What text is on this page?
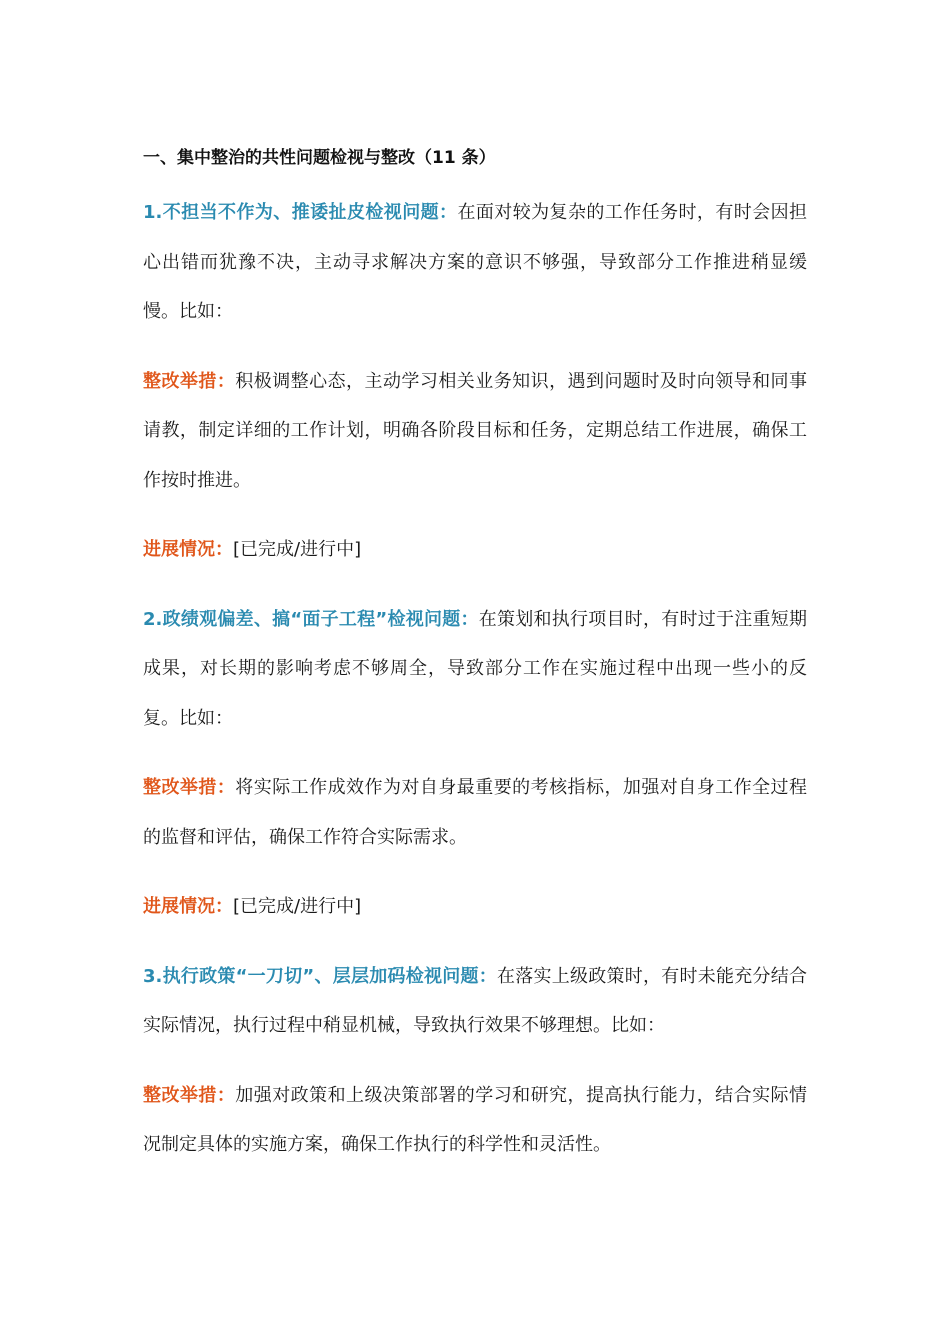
一、集中整治的共性问题检视与整改（11 条）

1.不担当不作为、推诿扯皮检视问题：在面对较为复杂的工作任务时，有时会因担心出错而犹豫不决，主动寻求解决方案的意识不够强，导致部分工作推进稍显缓慢。比如：

整改举措：积极调整心态，主动学习相关业务知识，遇到问题时及时向领导和同事请教，制定详细的工作计划，明确各阶段目标和任务，定期总结工作进展，确保工作按时推进。

进展情况：[已完成/进行中]

2.政绩观偏差、搞“面子工程”检视问题：在策划和执行项目时，有时过于注重短期成果，对长期的影响考虑不够周全，导致部分工作在实施过程中出现一些小的反复。比如：

整改举措：将实际工作成效作为对自身最重要的考核指标，加强对自身工作全过程的监督和评估，确保工作符合实际需求。

进展情况：[已完成/进行中]

3.执行政策“一刀切”、层层加码检视问题：在落实上级政策时，有时未能充分结合实际情况，执行过程中稍显机械，导致执行效果不够理想。比如：

整改举措：加强对政策和上级决策部署的学习和研究，提高执行能力，结合实际情况制定具体的实施方案，确保工作执行的科学性和灵活性。
